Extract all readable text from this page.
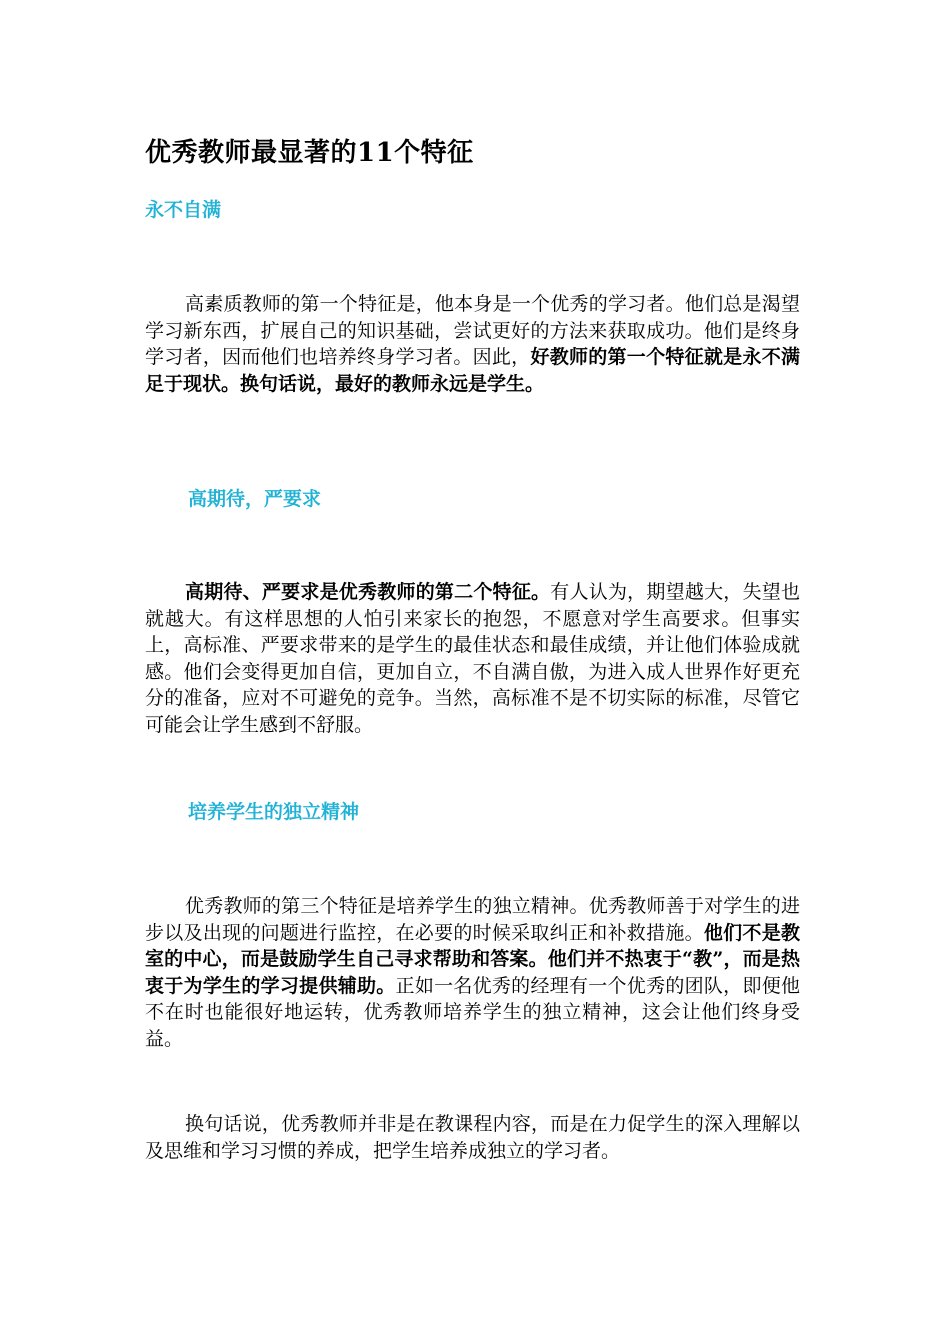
优秀教师最显著的11个特征
永不自满

高素质教师的第一个特征是，他本身是一个优秀的学习者。他们总是渴望学习新东西，扩展自己的知识基础，尝试更好的方法来获取成功。他们是终身学习者，因而他们也培养终身学习者。因此，好教师的第一个特征就是永不满足于现状。换句话说，最好的教师永远是学生。

高期待，严要求

高期待、严要求是优秀教师的第二个特征。有人认为，期望越大，失望也就越大。有这样思想的人怕引来家长的抱怨，不愿意对学生高要求。但事实上，高标准、严要求带来的是学生的最佳状态和最佳成绩，并让他们体验成就感。他们会变得更加自信，更加自立，不自满自傲，为进入成人世界作好更充分的准备，应对不可避免的竞争。当然，高标准不是不切实际的标准，尽管它可能会让学生感到不舒服。

培养学生的独立精神

优秀教师的第三个特征是培养学生的独立精神。优秀教师善于对学生的进步以及出现的问题进行监控，在必要的时候采取纠正和补救措施。他们不是教室的中心，而是鼓励学生自己寻求帮助和答案。他们并不热衷于“教”，而是热衷于为学生的学习提供辅助。正如一名优秀的经理有一个优秀的团队，即便他不在时也能很好地运转，优秀教师培养学生的独立精神，这会让他们终身受益。

换句话说，优秀教师并非是在教课程内容，而是在力促学生的深入理解以及思维和学习习惯的养成，把学生培养成独立的学习者。
